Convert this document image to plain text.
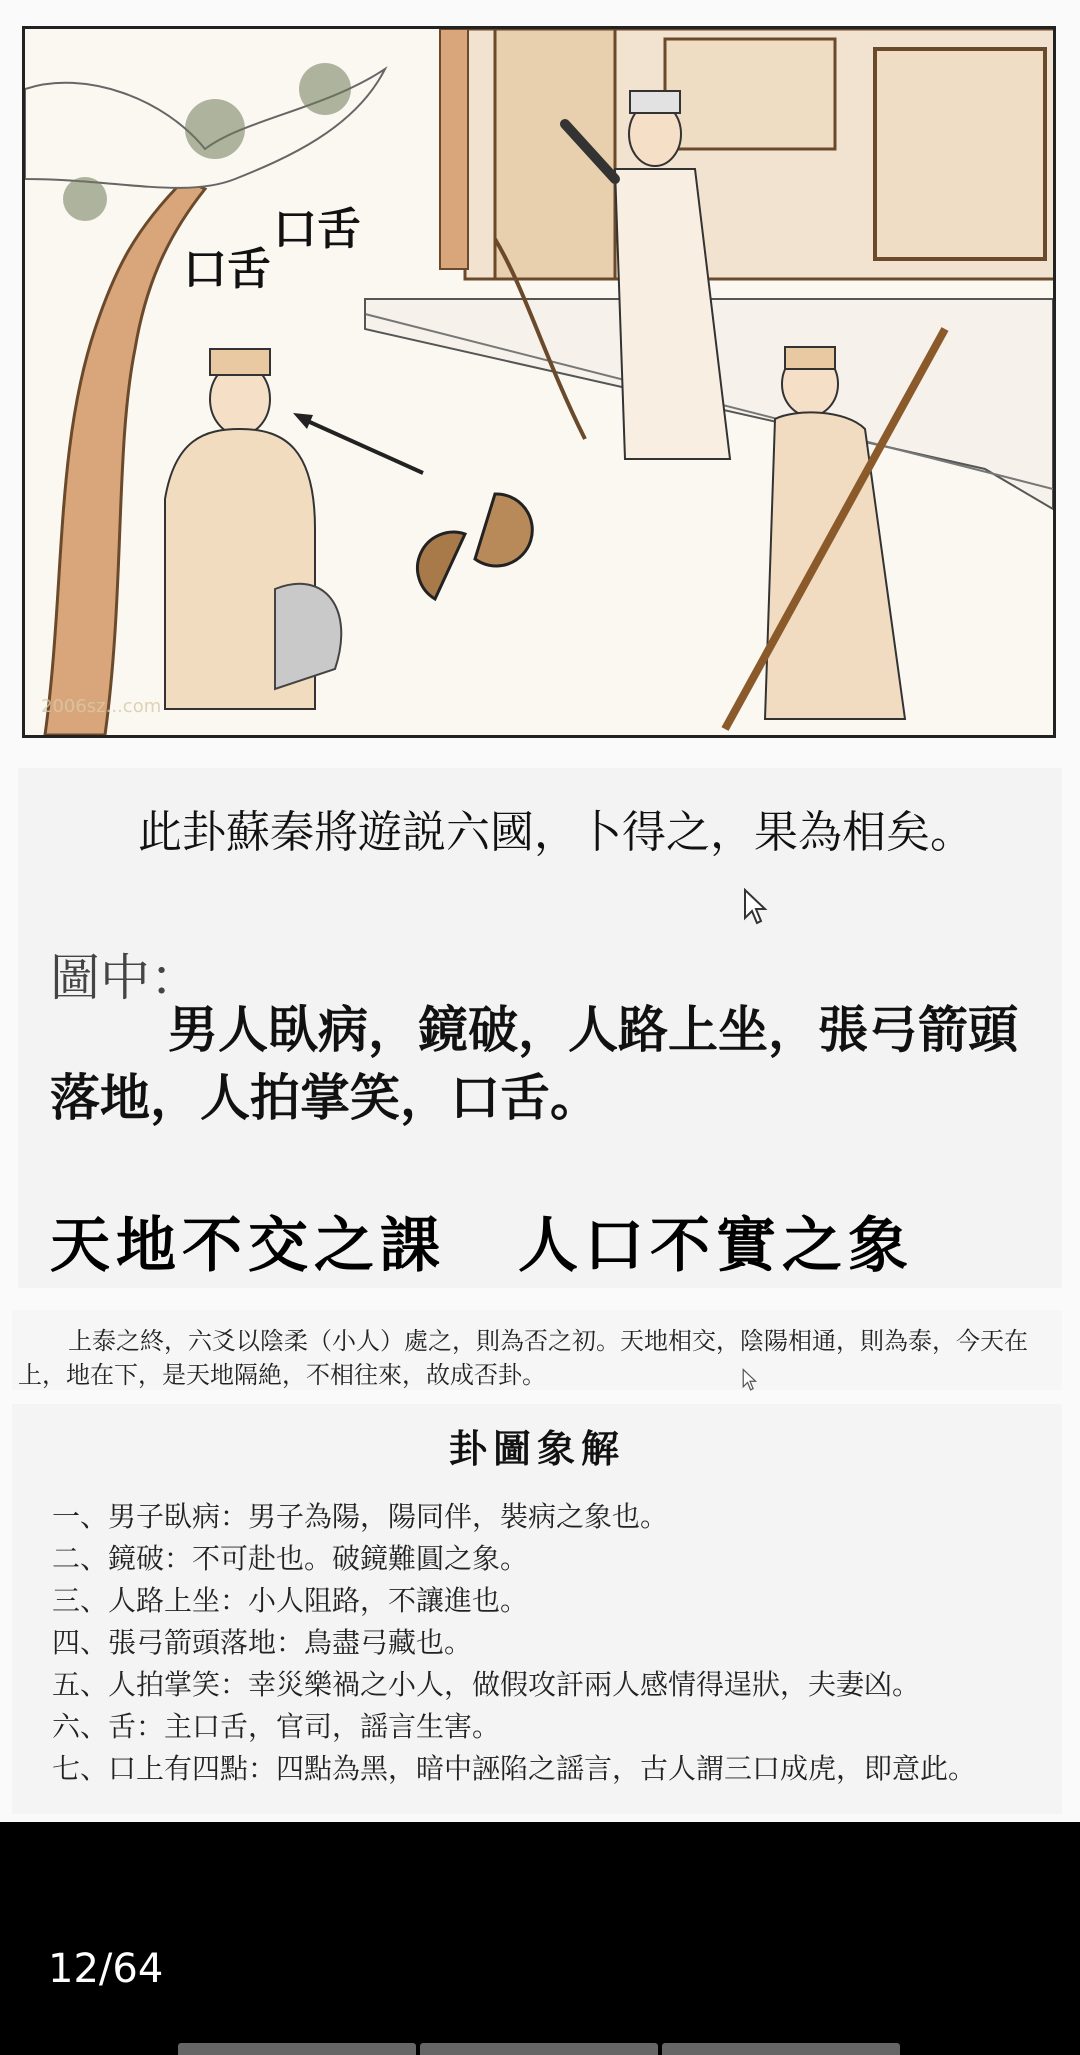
口舌
口舌
2006sz...com
此卦蘇秦將遊説六國，卜得之，果為相矣。
圖中：
男人臥病，鏡破，人路上坐，張弓箭頭落地，人拍掌笑，口舌。
天地不交之課 人口不實之象
上泰之終，六爻以陰柔（小人）處之，則為否之初。天地相交，陰陽相通，則為泰，今天在上，地在下，是天地隔絶，不相往來，故成否卦。
卦圖象解
一、男子臥病：男子為陽，陽同伴，裝病之象也。
二、鏡破：不可赴也。破鏡難圓之象。
三、人路上坐：小人阻路，不讓進也。
四、張弓箭頭落地：鳥盡弓藏也。
五、人拍掌笑：幸災樂禍之小人，做假攻訐兩人感情得逞狀，夫妻凶。
六、舌：主口舌，官司，謡言生害。
七、口上有四點：四點為黑，暗中誣陷之謡言，古人謂三口成虎，即意此。
12/64
